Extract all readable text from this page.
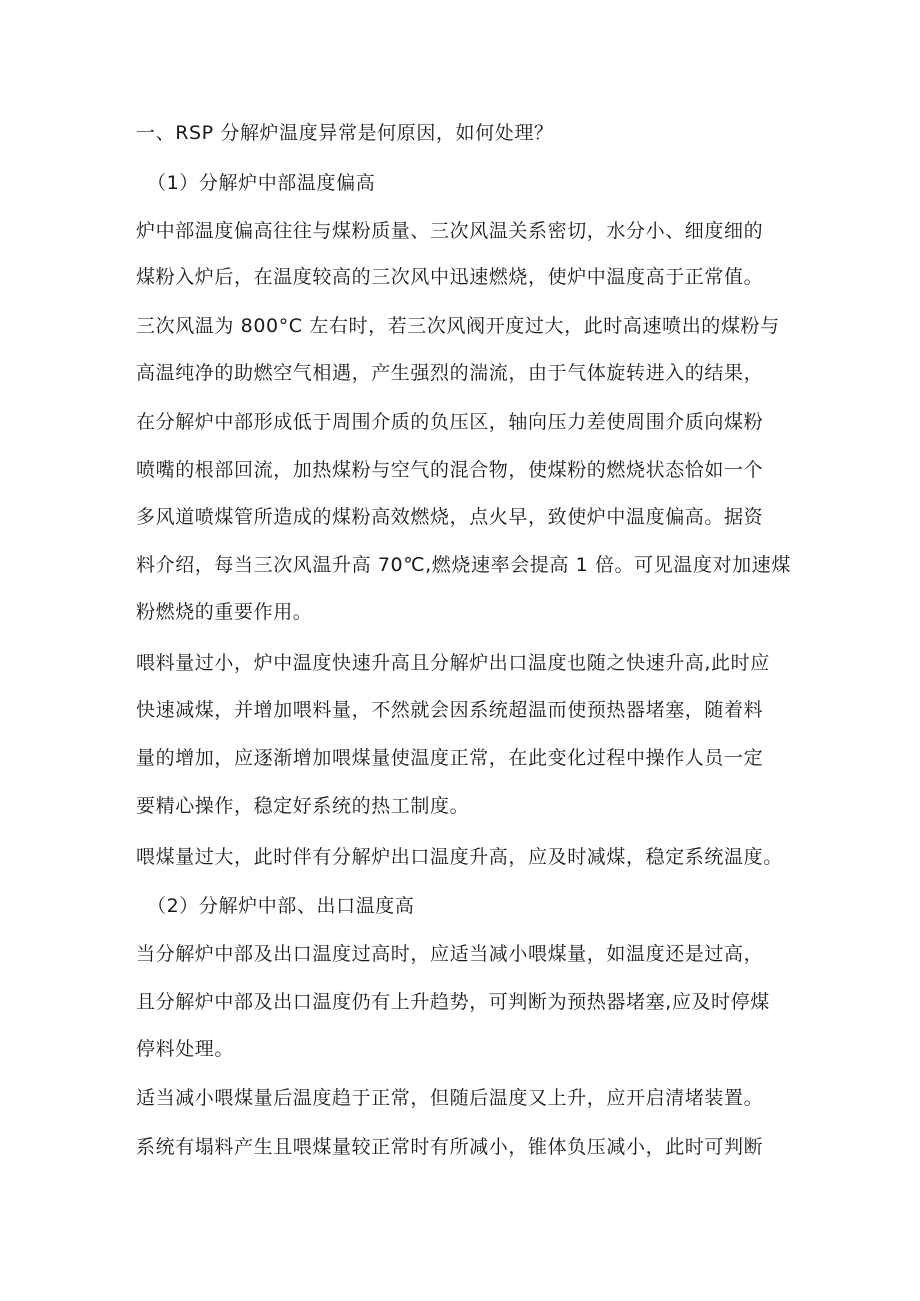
一、RSP 分解炉温度异常是何原因，如何处理？
（1）分解炉中部温度偏高
炉中部温度偏高往往与煤粉质量、三次风温关系密切，水分小、细度细的
煤粉入炉后，在温度较高的三次风中迅速燃烧，使炉中温度高于正常值。
三次风温为 800°C 左右时，若三次风阀开度过大，此时高速喷出的煤粉与
高温纯净的助燃空气相遇，产生强烈的湍流，由于气体旋转进入的结果，
在分解炉中部形成低于周围介质的负压区，轴向压力差使周围介质向煤粉
喷嘴的根部回流，加热煤粉与空气的混合物，使煤粉的燃烧状态恰如一个
多风道喷煤管所造成的煤粉高效燃烧，点火早，致使炉中温度偏高。据资
料介绍，每当三次风温升高 70℃,燃烧速率会提高 1 倍。可见温度对加速煤
粉燃烧的重要作用。
喂料量过小，炉中温度快速升高且分解炉出口温度也随之快速升高,此时应
快速减煤，并增加喂料量，不然就会因系统超温而使预热器堵塞，随着料
量的增加，应逐渐增加喂煤量使温度正常，在此变化过程中操作人员一定
要精心操作，稳定好系统的热工制度。
喂煤量过大，此时伴有分解炉出口温度升高，应及时减煤，稳定系统温度。
（2）分解炉中部、出口温度高
当分解炉中部及出口温度过高时，应适当减小喂煤量，如温度还是过高，
且分解炉中部及出口温度仍有上升趋势，可判断为预热器堵塞,应及时停煤
停料处理。
适当减小喂煤量后温度趋于正常，但随后温度又上升，应开启清堵装置。
系统有塌料产生且喂煤量较正常时有所减小，锥体负压减小，此时可判断
